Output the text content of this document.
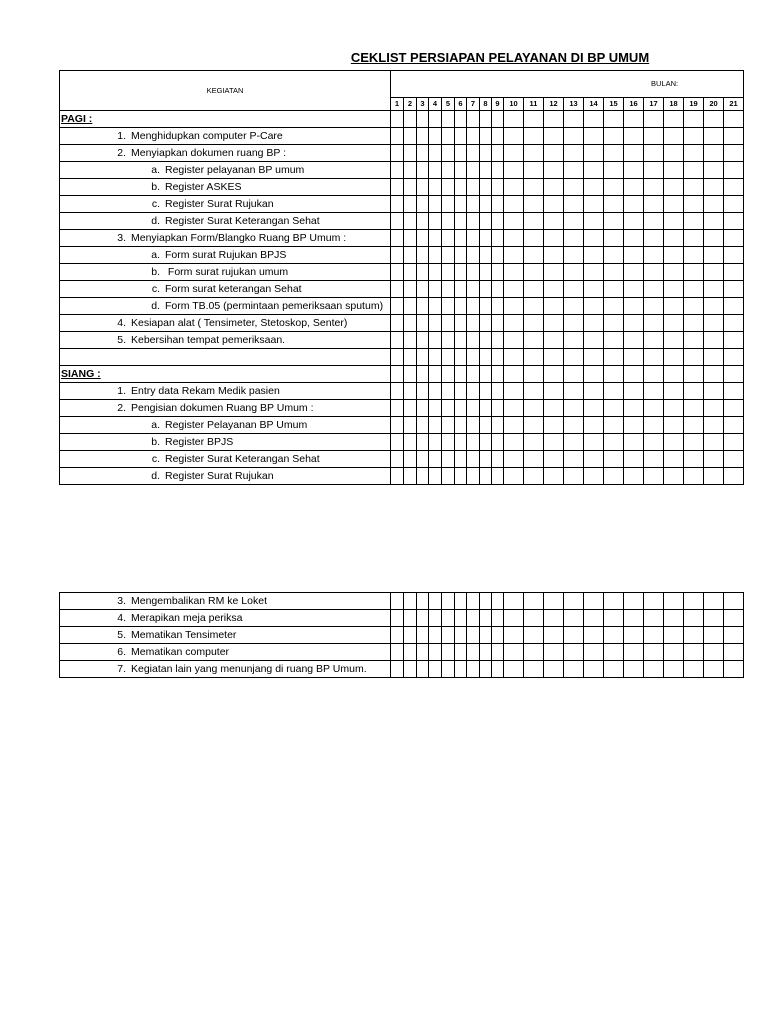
CEKLIST PERSIAPAN PELAYANAN DI BP UMUM
KEGIATAN	BULAN:																				
	1	2	3	4	5	6	7	8	9	10	11	12	13	14	15	16	17	18	19	20	21

PAGI :																					

1. Menghidupkan computer P-Care																					

2. Menyiapkan dokumen ruang BP :																					

a. Register pelayanan BP umum																					

b. Register ASKES																					

c. Register Surat Rujukan																					

d. Register Surat Keterangan Sehat																					

3. Menyiapkan Form/Blangko Ruang BP Umum :																					

a. Form surat Rujukan BPJS																					

b. Form surat rujukan umum																					

c. Form surat keterangan Sehat																					

d. Form TB.05 (permintaan pemeriksaan sputum)																					

4. Kesiapan alat ( Tensimeter, Stetoskop, Senter)																					

5. Kebersihan tempat pemeriksaan.																					

SIANG :																					

1. Entry data Rekam Medik pasien																					

2. Pengisian dokumen Ruang BP Umum :																					

a. Register Pelayanan BP Umum																					

b. Register BPJS																					

c. Register Surat Keterangan Sehat																					

d. Register Surat Rujukan																					

3. Mengembalikan RM ke Loket																					

4. Merapikan meja periksa																					

5. Mematikan Tensimeter																					

6. Mematikan computer																					

7. Kegiatan lain yang menunjang di ruang BP Umum.																					
